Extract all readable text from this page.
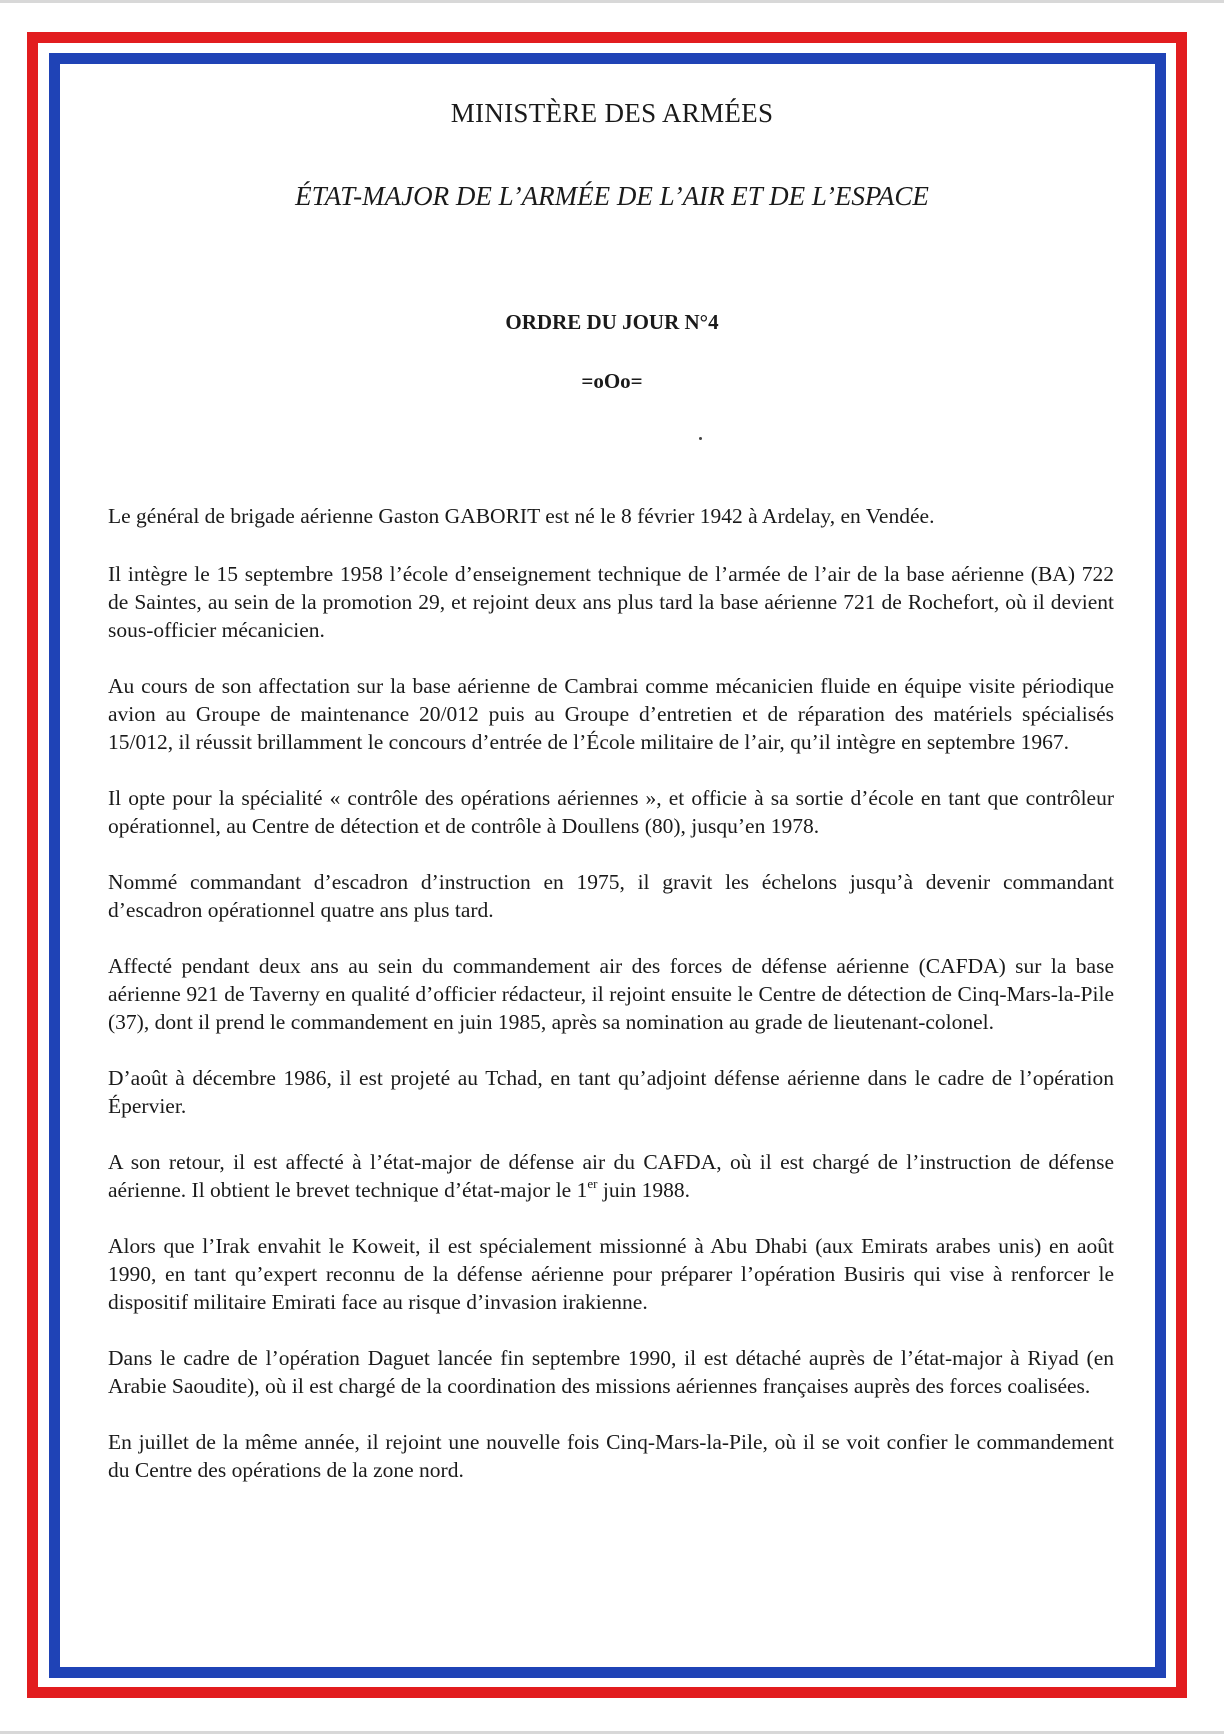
MINISTÈRE DES ARMÉES
ÉTAT-MAJOR DE L’ARMÉE DE L’AIR ET DE L’ESPACE
ORDRE DU JOUR N°4
=oOo=

Le général de brigade aérienne Gaston GABORIT est né le 8 février 1942 à Ardelay, en Vendée.

Il intègre le 15 septembre 1958 l’école d’enseignement technique de l’armée de l’air de la base aérienne (BA) 722 de Saintes, au sein de la promotion 29, et rejoint deux ans plus tard la base aérienne 721 de Rochefort, où il devient sous-officier mécanicien.

Au cours de son affectation sur la base aérienne de Cambrai comme mécanicien fluide en équipe visite périodique avion au Groupe de maintenance 20/012 puis au Groupe d’entretien et de réparation des matériels spécialisés 15/012, il réussit brillamment le concours d’entrée de l’École militaire de l’air, qu’il intègre en septembre 1967.

Il opte pour la spécialité « contrôle des opérations aériennes », et officie à sa sortie d’école en tant que contrôleur opérationnel, au Centre de détection et de contrôle à Doullens (80), jusqu’en 1978.

Nommé commandant d’escadron d’instruction en 1975, il gravit les échelons jusqu’à devenir commandant d’escadron opérationnel quatre ans plus tard.

Affecté pendant deux ans au sein du commandement air des forces de défense aérienne (CAFDA) sur la base aérienne 921 de Taverny en qualité d’officier rédacteur, il rejoint ensuite le Centre de détection de Cinq-Mars-la-Pile (37), dont il prend le commandement en juin 1985, après sa nomination au grade de lieutenant-colonel.

D’août à décembre 1986, il est projeté au Tchad, en tant qu’adjoint défense aérienne dans le cadre de l’opération Épervier.

A son retour, il est affecté à l’état-major de défense air du CAFDA, où il est chargé de l’instruction de défense aérienne. Il obtient le brevet technique d’état-major le 1er juin 1988.

Alors que l’Irak envahit le Koweit, il est spécialement missionné à Abu Dhabi (aux Emirats arabes unis) en août 1990, en tant qu’expert reconnu de la défense aérienne pour préparer l’opération Busiris qui vise à renforcer le dispositif militaire Emirati face au risque d’invasion irakienne.

Dans le cadre de l’opération Daguet lancée fin septembre 1990, il est détaché auprès de l’état-major à Riyad (en Arabie Saoudite), où il est chargé de la coordination des missions aériennes françaises auprès des forces coalisées.

En juillet de la même année, il rejoint une nouvelle fois Cinq-Mars-la-Pile, où il se voit confier le commandement du Centre des opérations de la zone nord.
